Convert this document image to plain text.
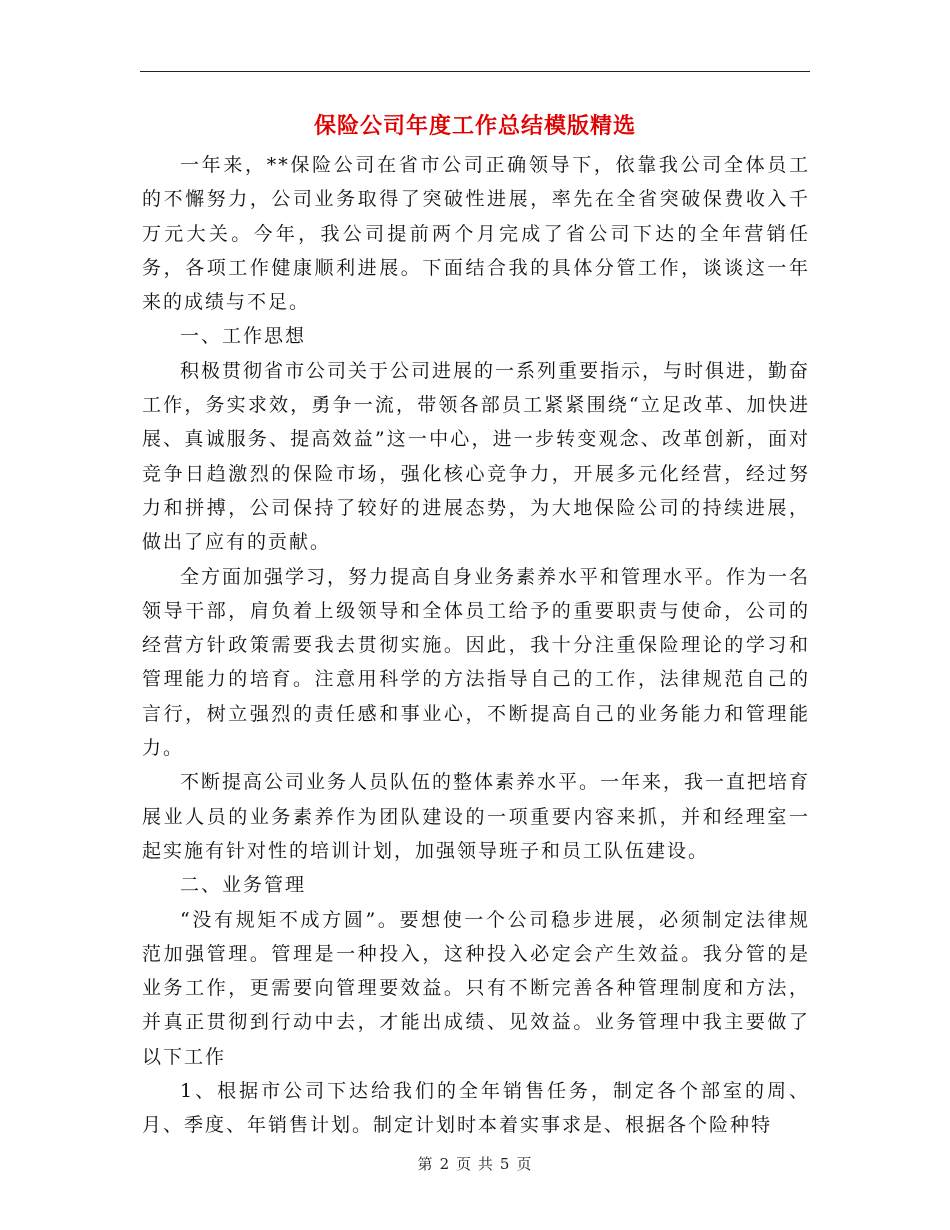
保险公司年度工作总结模版精选

一年来，**保险公司在省市公司正确领导下，依靠我公司全体员工的不懈努力，公司业务取得了突破性进展，率先在全省突破保费收入千万元大关。今年，我公司提前两个月完成了省公司下达的全年营销任务，各项工作健康顺利进展。下面结合我的具体分管工作，谈谈这一年来的成绩与不足。

一、工作思想

积极贯彻省市公司关于公司进展的一系列重要指示，与时俱进，勤奋工作，务实求效，勇争一流，带领各部员工紧紧围绕“立足改革、加快进展、真诚服务、提高效益”这一中心，进一步转变观念、改革创新，面对竞争日趋激烈的保险市场，强化核心竞争力，开展多元化经营，经过努力和拼搏，公司保持了较好的进展态势，为大地保险公司的持续进展，做出了应有的贡献。

全方面加强学习，努力提高自身业务素养水平和管理水平。作为一名领导干部，肩负着上级领导和全体员工给予的重要职责与使命，公司的经营方针政策需要我去贯彻实施。因此，我十分注重保险理论的学习和管理能力的培育。注意用科学的方法指导自己的工作，法律规范自己的言行，树立强烈的责任感和事业心，不断提高自己的业务能力和管理能力。

不断提高公司业务人员队伍的整体素养水平。一年来，我一直把培育展业人员的业务素养作为团队建设的一项重要内容来抓，并和经理室一起实施有针对性的培训计划，加强领导班子和员工队伍建设。

二、业务管理

“没有规矩不成方圆”。要想使一个公司稳步进展，必须制定法律规范加强管理。管理是一种投入，这种投入必定会产生效益。我分管的是业务工作，更需要向管理要效益。只有不断完善各种管理制度和方法，并真正贯彻到行动中去，才能出成绩、见效益。业务管理中我主要做了以下工作

1、根据市公司下达给我们的全年销售任务，制定各个部室的周、月、季度、年销售计划。制定计划时本着实事求是、根据各个险种特

第 2 页 共 5 页
